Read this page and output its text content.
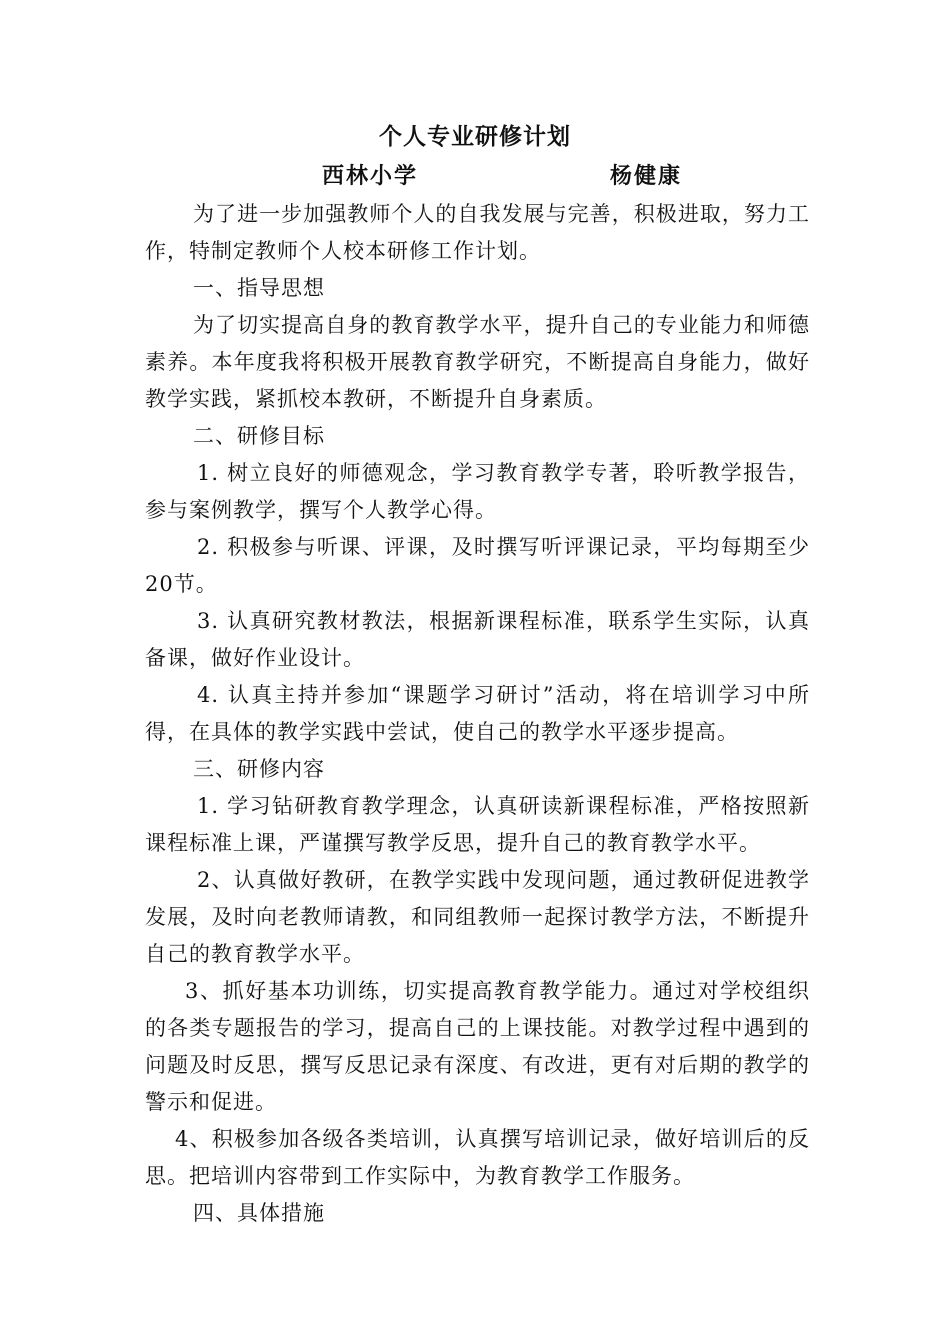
个人专业研修计划
西林小学	杨健康

为了进一步加强教师个人的自我发展与完善，积极进取，努力工作，特制定教师个人校本研修工作计划。

一、指导思想

为了切实提高自身的教育教学水平，提升自己的专业能力和师德素养。本年度我将积极开展教育教学研究，不断提高自身能力，做好教学实践，紧抓校本教研，不断提升自身素质。

二、研修目标

1. 树立良好的师德观念，学习教育教学专著，聆听教学报告，参与案例教学，撰写个人教学心得。

2. 积极参与听课、评课，及时撰写听评课记录，平均每期至少20节。

3. 认真研究教材教法，根据新课程标准，联系学生实际，认真备课，做好作业设计。

4. 认真主持并参加“课题学习研讨”活动，将在培训学习中所得，在具体的教学实践中尝试，使自己的教学水平逐步提高。

三、研修内容

1. 学习钻研教育教学理念，认真研读新课程标准，严格按照新课程标准上课，严谨撰写教学反思，提升自己的教育教学水平。

2、认真做好教研，在教学实践中发现问题，通过教研促进教学发展，及时向老教师请教，和同组教师一起探讨教学方法，不断提升自己的教育教学水平。

3、抓好基本功训练，切实提高教育教学能力。通过对学校组织的各类专题报告的学习，提高自己的上课技能。对教学过程中遇到的问题及时反思，撰写反思记录有深度、有改进，更有对后期的教学的警示和促进。

4、积极参加各级各类培训，认真撰写培训记录，做好培训后的反思。把培训内容带到工作实际中，为教育教学工作服务。

四、具体措施
